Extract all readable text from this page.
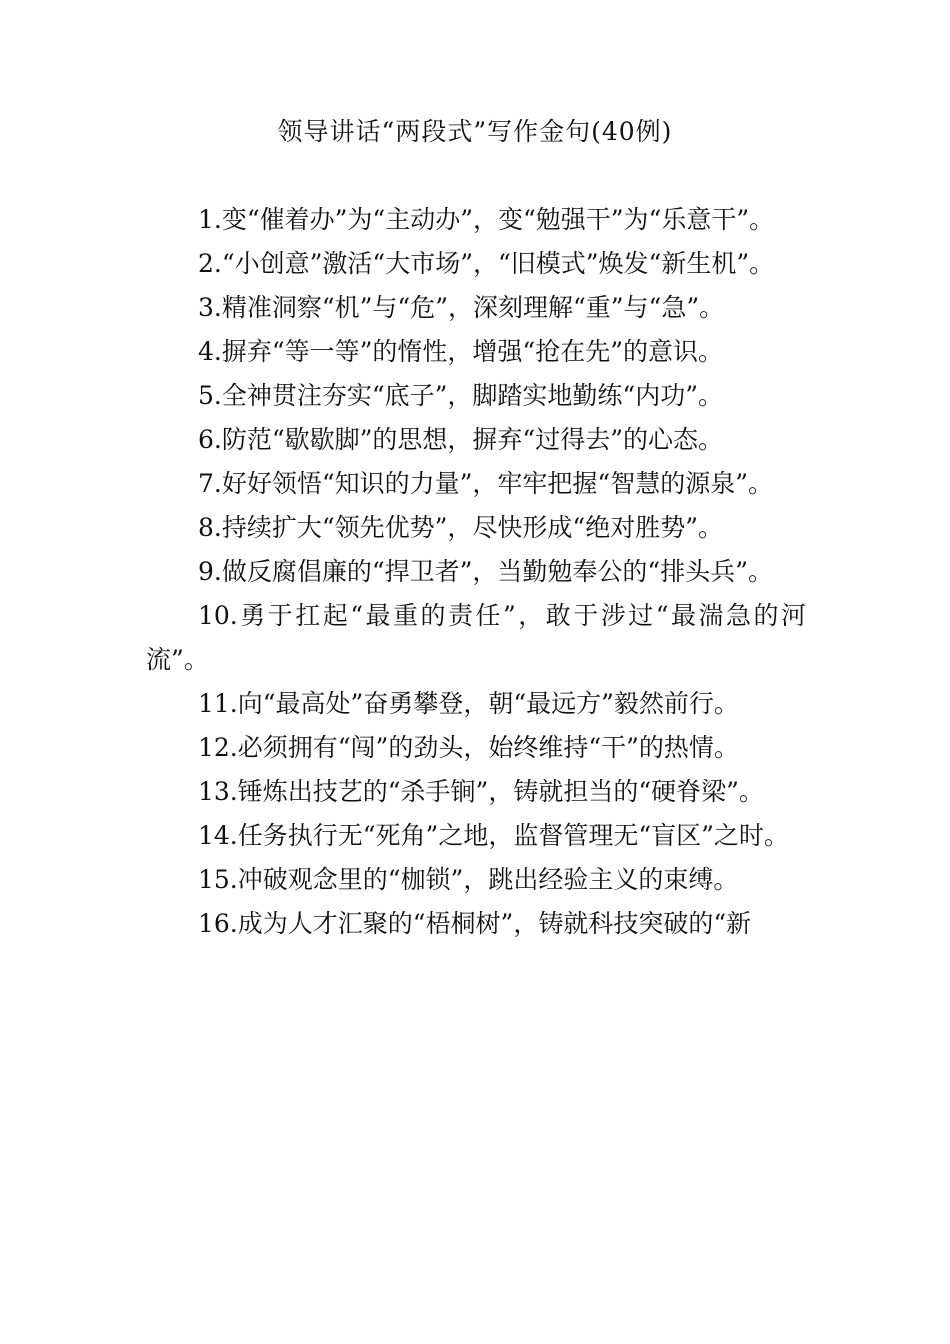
领导讲话“两段式”写作金句(40例)

1.变“催着办”为“主动办”，变“勉强干”为“乐意干”。

2.“小创意”激活“大市场”，“旧模式”焕发“新生机”。

3.精准洞察“机”与“危”，深刻理解“重”与“急”。

4.摒弃“等一等”的惰性，增强“抢在先”的意识。

5.全神贯注夯实“底子”，脚踏实地勤练“内功”。

6.防范“歇歇脚”的思想，摒弃“过得去”的心态。

7.好好领悟“知识的力量”，牢牢把握“智慧的源泉”。

8.持续扩大“领先优势”，尽快形成“绝对胜势”。

9.做反腐倡廉的“捍卫者”，当勤勉奉公的“排头兵”。

10.勇于扛起“最重的责任”，敢于涉过“最湍急的河流”。

11.向“最高处”奋勇攀登，朝“最远方”毅然前行。

12.必须拥有“闯”的劲头，始终维持“干”的热情。

13.锤炼出技艺的“杀手锏”，铸就担当的“硬脊梁”。

14.任务执行无“死角”之地，监督管理无“盲区”之时。

15.冲破观念里的“枷锁”，跳出经验主义的束缚。

16.成为人才汇聚的“梧桐树”，铸就科技突破的“新
